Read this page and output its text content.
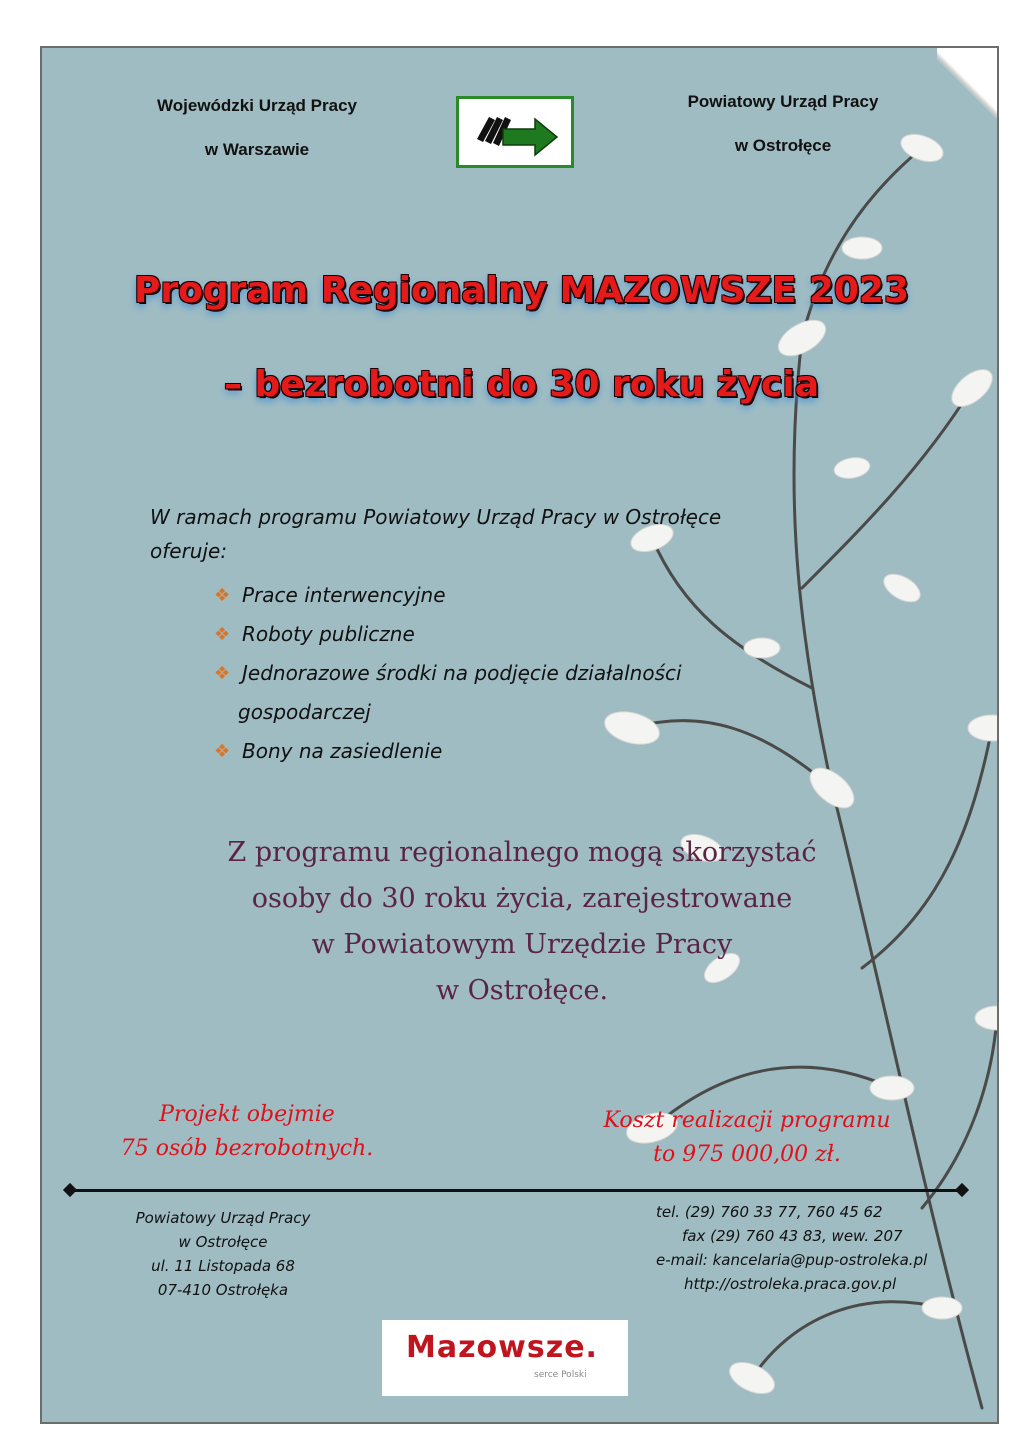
Wojewódzki Urząd Pracy
w Warszawie
Powiatowy Urząd Pracy
w Ostrołęce
Program Regionalny MAZOWSZE 2023
– bezrobotni do 30 roku życia
W ramach programu Powiatowy Urząd Pracy w Ostrołęce
oferuje:
❖ Prace interwencyjne
❖ Roboty publiczne
❖ Jednorazowe środki na podjęcie działalności
gospodarczej
❖ Bony na zasiedlenie
Z programu regionalnego mogą skorzystać
osoby do 30 roku życia, zarejestrowane
w Powiatowym Urzędzie Pracy
w Ostrołęce.
Projekt obejmie
75 osób bezrobotnych.
Koszt realizacji programu
to 975 000,00 zł.
Powiatowy Urząd Pracy
w Ostrołęce
ul. 11 Listopada 68
07-410 Ostrołęka
tel. (29) 760 33 77, 760 45 62
fax (29) 760 43 83, wew. 207
e-mail: kancelaria@pup-ostroleka.pl
http://ostroleka.praca.gov.pl
Mazowsze.
serce Polski
